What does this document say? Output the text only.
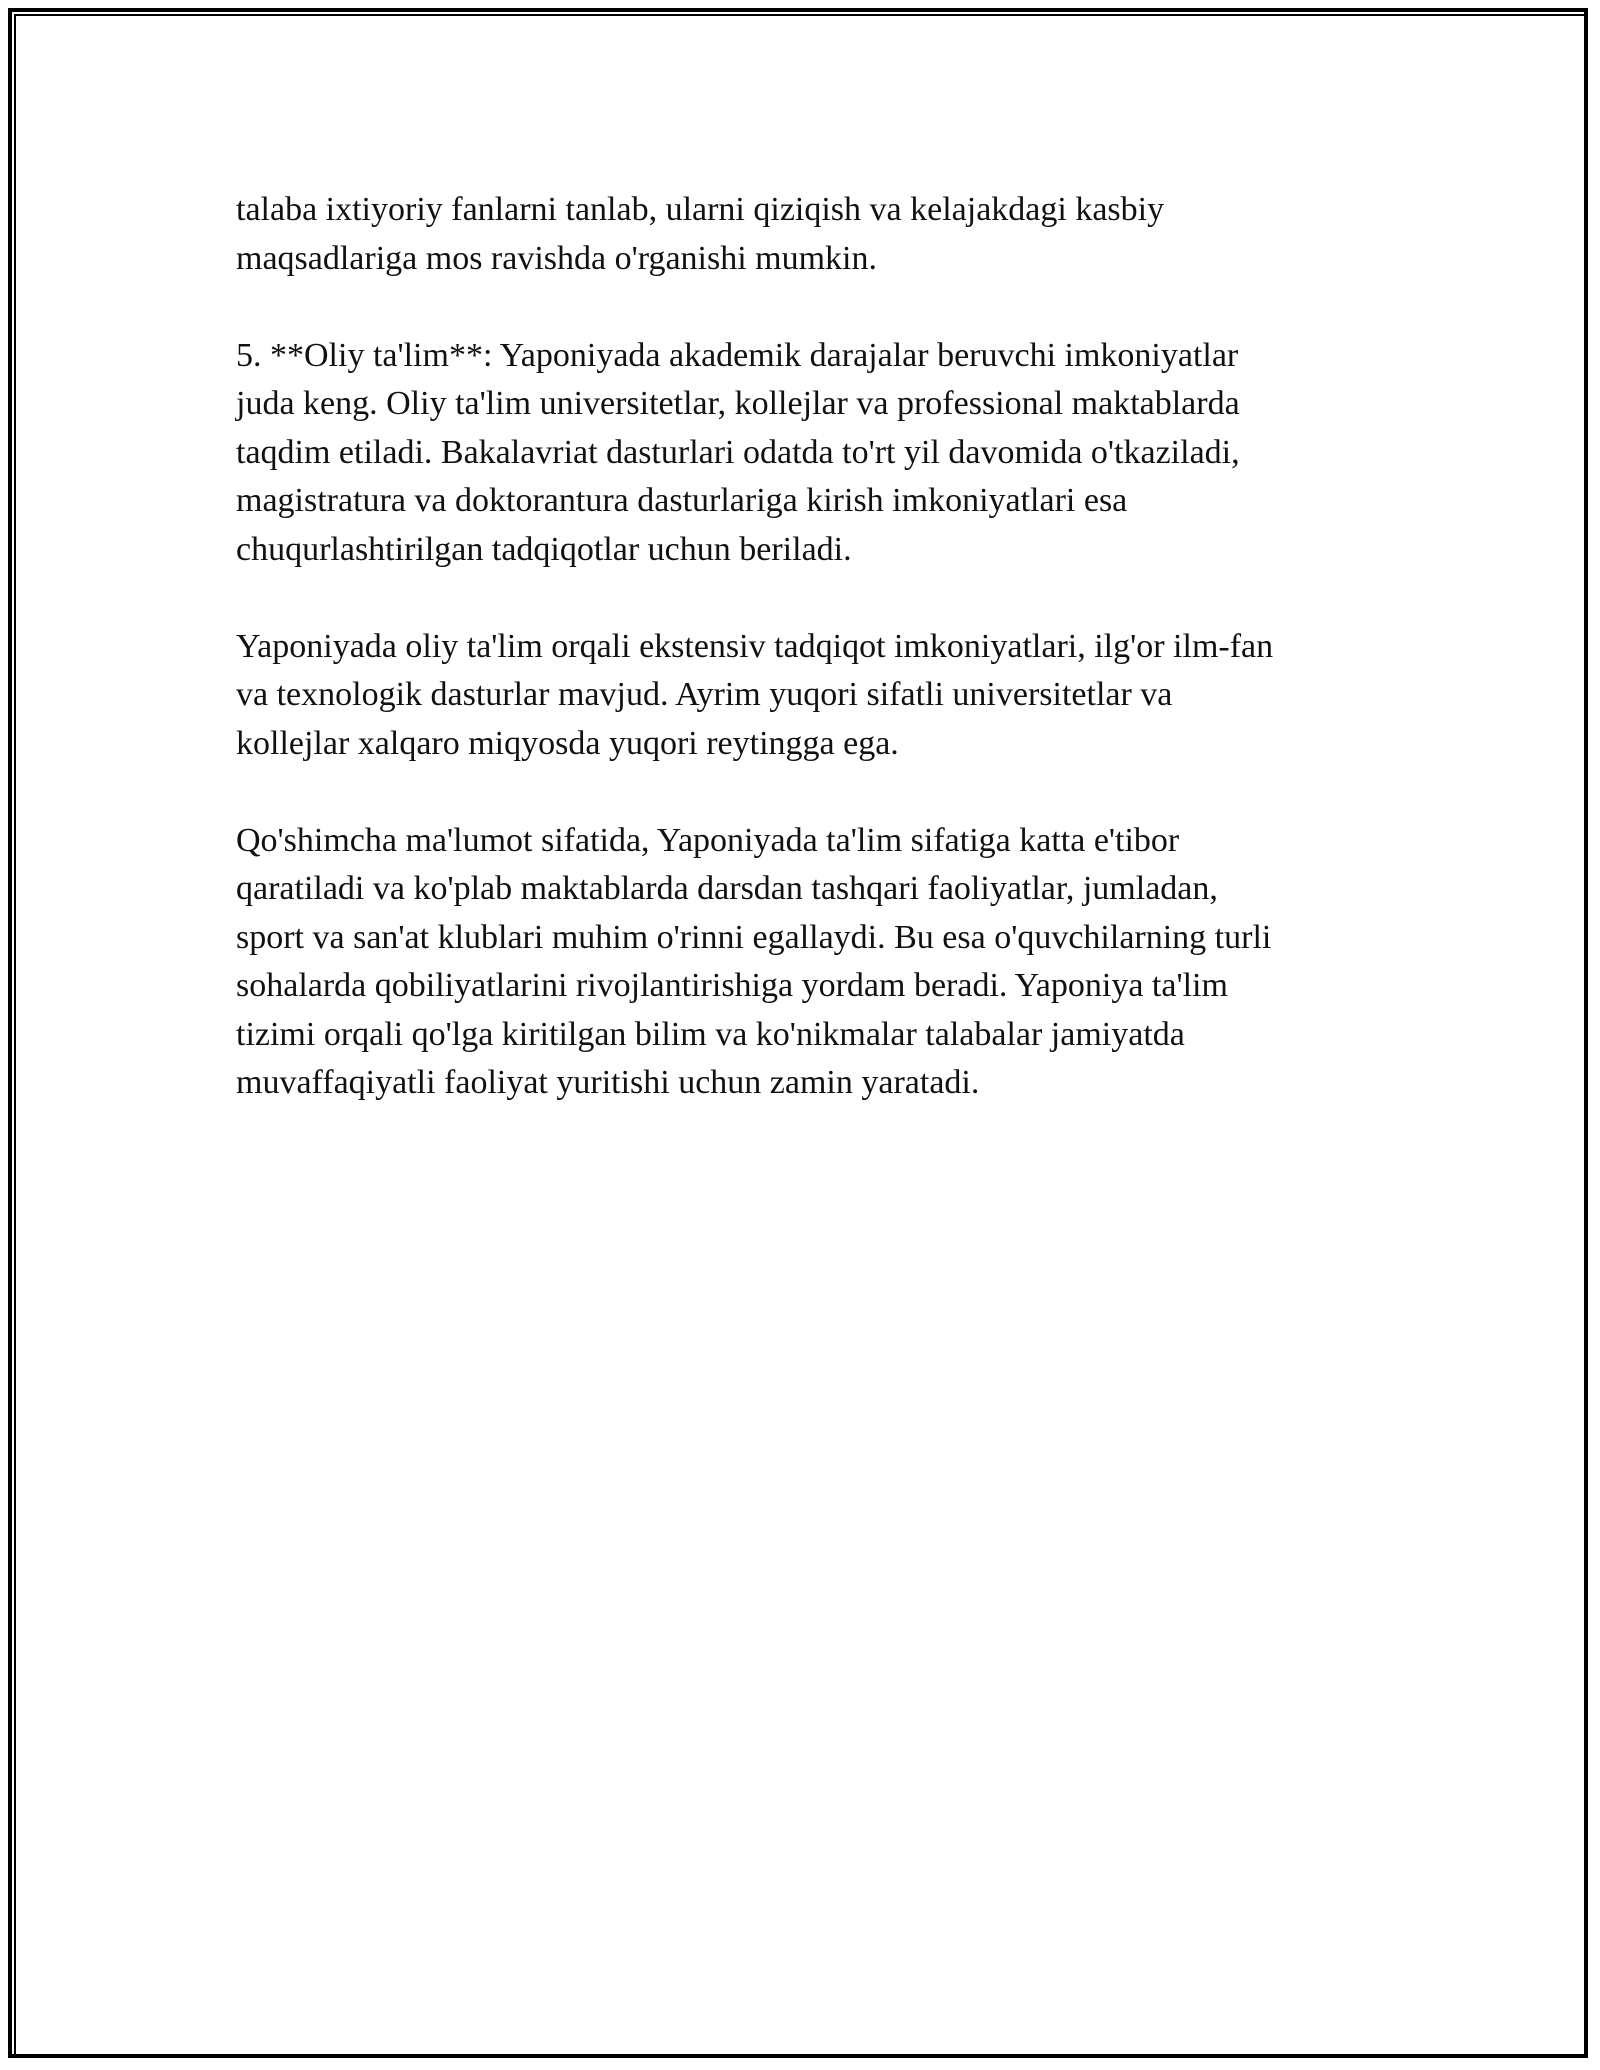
talaba ixtiyoriy fanlarni tanlab, ularni qiziqish va kelajakdagi kasbiy
maqsadlariga mos ravishda o'rganishi mumkin.

5. **Oliy ta'lim**: Yaponiyada akademik darajalar beruvchi imkoniyatlar
juda keng. Oliy ta'lim universitetlar, kollejlar va professional maktablarda
taqdim etiladi. Bakalavriat dasturlari odatda to'rt yil davomida o'tkaziladi,
magistratura va doktorantura dasturlariga kirish imkoniyatlari esa
chuqurlashtirilgan tadqiqotlar uchun beriladi.

Yaponiyada oliy ta'lim orqali ekstensiv tadqiqot imkoniyatlari, ilg'or ilm-fan
va texnologik dasturlar mavjud. Ayrim yuqori sifatli universitetlar va
kollejlar xalqaro miqyosda yuqori reytingga ega.

Qo'shimcha ma'lumot sifatida, Yaponiyada ta'lim sifatiga katta e'tibor
qaratiladi va ko'plab maktablarda darsdan tashqari faoliyatlar, jumladan,
sport va san'at klublari muhim o'rinni egallaydi. Bu esa o'quvchilarning turli
sohalarda qobiliyatlarini rivojlantirishiga yordam beradi. Yaponiya ta'lim
tizimi orqali qo'lga kiritilgan bilim va ko'nikmalar talabalar jamiyatda
muvaffaqiyatli faoliyat yuritishi uchun zamin yaratadi.
